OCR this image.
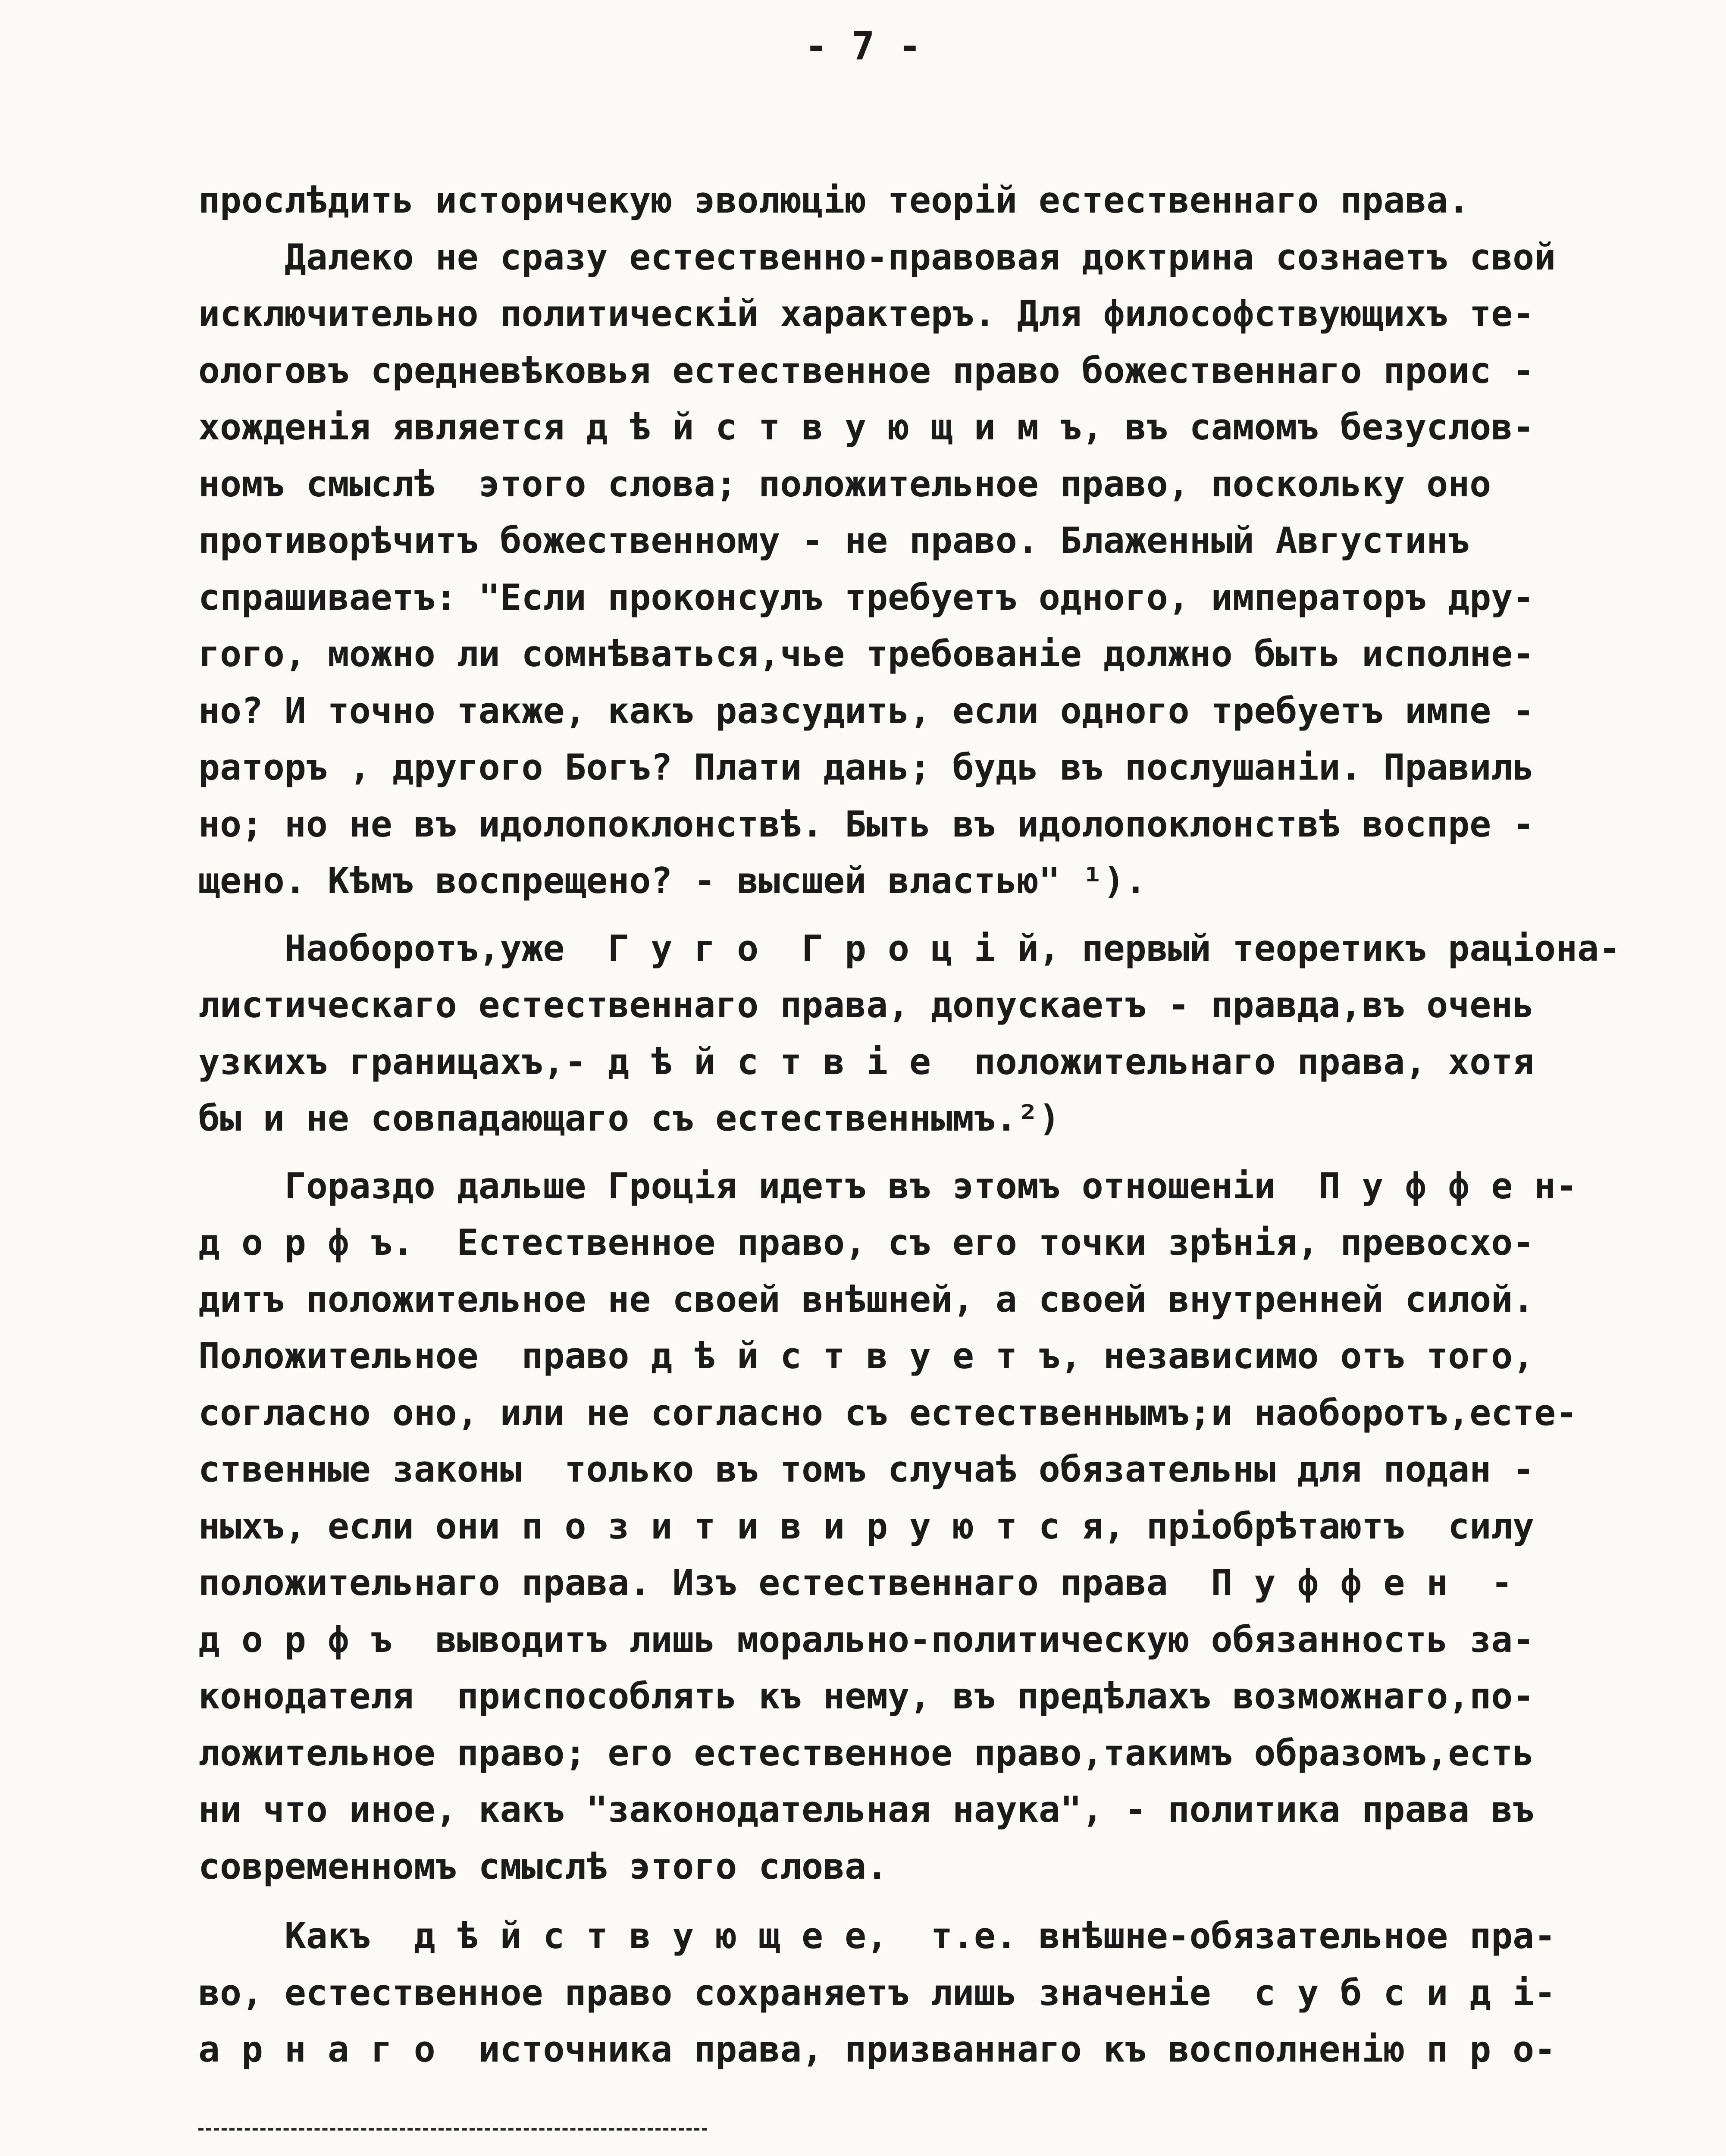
- 7 -
прослѣдить историчекую эволюцію теорій естественнаго права.
Далеко не сразу естественно-правовая доктрина сознаетъ свой
исключительно политическій характеръ. Для философствующихъ те-
ологовъ средневѣковья естественное право божественнаго проис -
хожденія является д ѣ й с т в у ю щ и м ъ, въ самомъ безуслов-
номъ смыслѣ  этого слова; положительное право, поскольку оно
противорѣчитъ божественному - не право. Блаженный Августинъ
спрашиваетъ: "Если проконсулъ требуетъ одного, императоръ дру-
гого, можно ли сомнѣваться,чье требованіе должно быть исполне-
но? И точно также, какъ разсудить, если одного требуетъ импе -
раторъ , другого Богъ? Плати дань; будь въ послушаніи. Правиль
но; но не въ идолопоклонствѣ. Быть въ идолопоклонствѣ воспре -
щено. Кѣмъ воспрещено? - высшей властью" ¹).
Наоборотъ,уже  Г у г о  Г р о ц і й, первый теоретикъ раціона-
листическаго естественнаго права, допускаетъ - правда,въ очень
узкихъ границахъ,- д ѣ й с т в і е  положительнаго права, хотя
бы и не совпадающаго съ естественнымъ.²)
Гораздо дальше Гроція идетъ въ этомъ отношеніи  П у ф ф е н-
д о р ф ъ.  Естественное право, съ его точки зрѣнія, превосхо-
дитъ положительное не своей внѣшней, а своей внутренней силой.
Положительное  право д ѣ й с т в у е т ъ, независимо отъ того,
согласно оно, или не согласно съ естественнымъ;и наоборотъ,есте-
ственные законы  только въ томъ случаѣ обязательны для подан -
ныхъ, если они п о з и т и в и р у ю т с я, пріобрѣтаютъ  силу
положительнаго права. Изъ естественнаго права  П у ф ф е н  -
д о р ф ъ  выводитъ лишь морально-политическую обязанность за-
конодателя  приспособлять къ нему, въ предѣлахъ возможнаго,по-
ложительное право; его естественное право,такимъ образомъ,есть
ни что иное, какъ "законодательная наука", - политика права въ
современномъ смыслѣ этого слова.
Какъ  д ѣ й с т в у ю щ е е,  т.е. внѣшне-обязательное пра-
во, естественное право сохраняетъ лишь значеніе  с у б с и д і-
а р н а г о  источника права, призваннаго къ восполненію п р о-
